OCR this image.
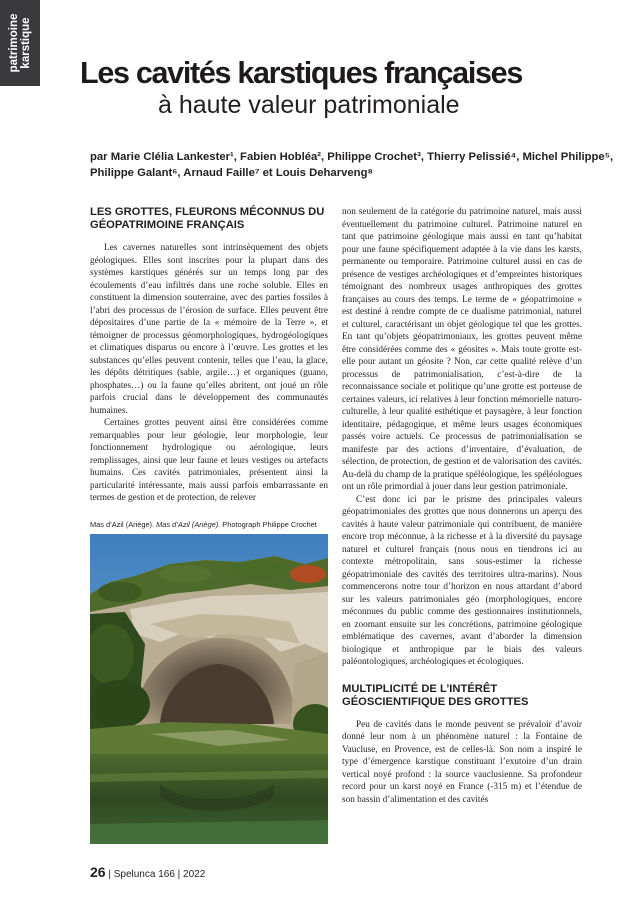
patrimoine karstique
Les cavités karstiques françaises
à haute valeur patrimoniale

par Marie Clélia Lankester¹, Fabien Hobléa², Philippe Crochet³, Thierry Pelissié⁴, Michel Philippe⁵, Philippe Galant⁶, Arnaud Faille⁷ et Louis Deharveng⁸

LES GROTTES, FLEURONS MÉCONNUS DU GÉOPATRIMOINE FRANÇAIS

Les cavernes naturelles sont intrinsèquement des objets géologiques. Elles sont inscrites pour la plupart dans des systèmes karstiques générés sur un temps long par des écoulements d’eau infiltrés dans une roche soluble. Elles en constituent la dimension souterraine, avec des parties fossiles à l’abri des processus de l’érosion de surface. Elles peuvent être dépositaires d’une partie de la « mémoire de la Terre », et témoigner de processus géomorphologiques, hydrogéologiques et climatiques disparus ou encore à l’œuvre. Les grottes et les substances qu’elles peuvent contenir, telles que l’eau, la glace, les dépôts détritiques (sable, argile…) et organiques (guano, phosphates…) ou la faune qu’elles abritent, ont joué un rôle parfois crucial dans le développement des communautés humaines.

Certaines grottes peuvent ainsi être considérées comme remarquables pour leur géologie, leur morphologie, leur fonctionnement hydrologique ou aérologique, leurs remplissages, ainsi que leur faune et leurs vestiges ou artefacts humains. Ces cavités patrimoniales, présentent ainsi la particularité intéressante, mais aussi parfois embarrassante en termes de gestion et de protection, de relever

Mas d’Azil (Ariège). Mas d’Azil (Ariège). Photograph Philippe Crochet

non seulement de la catégorie du patrimoine naturel, mais aussi éventuellement du patrimoine culturel. Patrimoine naturel en tant que patrimoine géologique mais aussi en tant qu’habitat pour une faune spécifiquement adaptée à la vie dans les karsts, permanente ou temporaire. Patrimoine culturel aussi en cas de présence de vestiges archéologiques et d’empreintes historiques témoignant des nombreux usages anthropiques des grottes françaises au cours des temps. Le terme de « géopatrimoine » est destiné à rendre compte de ce dualisme patrimonial, naturel et culturel, caractérisant un objet géologique tel que les grottes. En tant qu’objets géopatrimoniaux, les grottes peuvent même être considérées comme des « géosites ». Mais toute grotte est-elle pour autant un géosite ? Non, car cette qualité relève d’un processus de patrimonialisation, c’est-à-dire de la reconnaissance sociale et politique qu’une grotte est porteuse de certaines valeurs, ici relatives à leur fonction mémorielle naturo-culturelle, à leur qualité esthétique et paysagère, à leur fonction identitaire, pédagogique, et même leurs usages économiques passés voire actuels. Ce processus de patrimonialisation se manifeste par des actions d’inventaire, d’évaluation, de sélection, de protection, de gestion et de valorisation des cavités. Au-delà du champ de la pratique spéléologique, les spéléologues ont un rôle primordial à jouer dans leur gestion patrimoniale.

C’est donc ici par le prisme des principales valeurs géopatrimoniales des grottes que nous donnerons un aperçu des cavités à haute valeur patrimoniale qui contribuent, de manière encore trop méconnue, à la richesse et à la diversité du paysage naturel et culturel français (nous nous en tiendrons ici au contexte métropolitain, sans sous-estimer la richesse géopatrimoniale des cavités des territoires ultra-marins). Nous commencerons notre tour d’horizon en nous attardant d’abord sur les valeurs patrimoniales géo (morphologiques, encore méconnues du public comme des gestionnaires institutionnels, en zoomant ensuite sur les concrétions, patrimoine géologique emblématique des cavernes, avant d’aborder la dimension biologique et anthropique par le biais des valeurs paléontologiques, archéologiques et écologiques.

MULTIPLICITÉ DE L’INTÉRÊT GÉOSCIENTIFIQUE DES GROTTES

Peu de cavités dans le monde peuvent se prévaloir d’avoir donné leur nom à un phénomène naturel : la Fontaine de Vaucluse, en Provence, est de celles-là. Son nom a inspiré le type d’émergence karstique constituant l’exutoire d’un drain vertical noyé profond : la source vauclusienne. Sa profondeur record pour un karst noyé en France (-315 m) et l’étendue de son bassin d’alimentation et des cavités

26 | Spelunca 166 | 2022
